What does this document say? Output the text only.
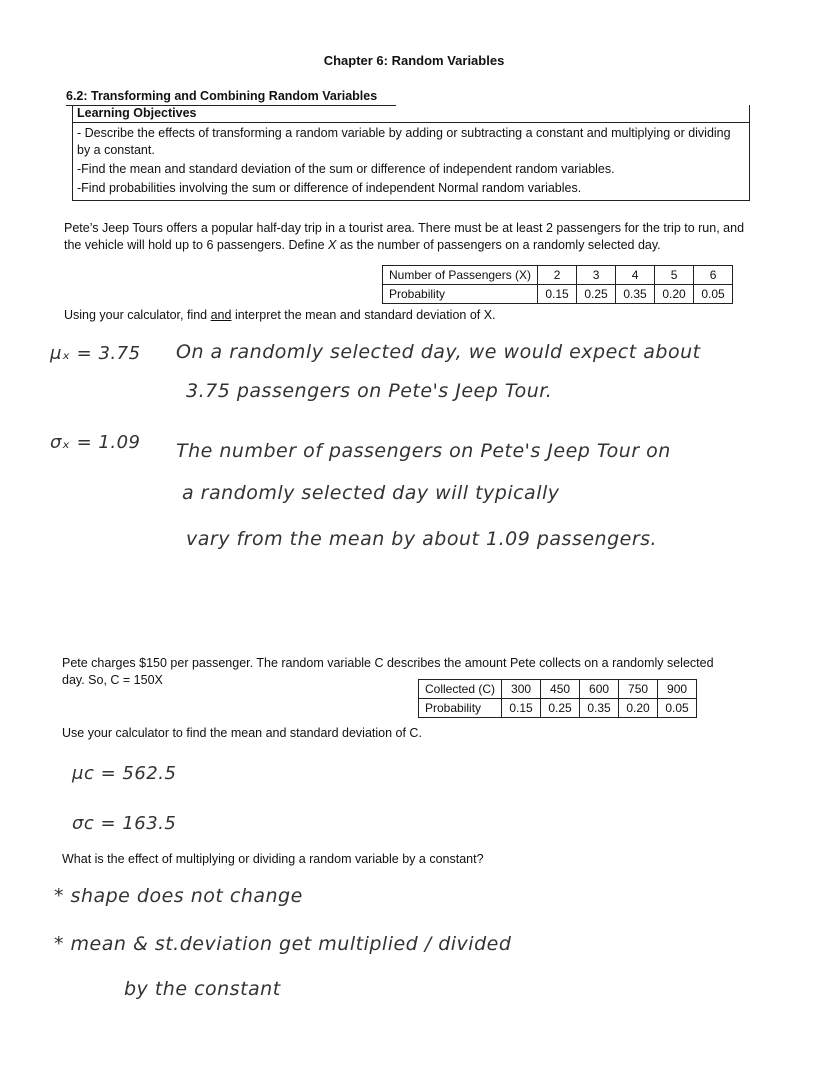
Chapter 6: Random Variables
6.2: Transforming and Combining Random Variables
Learning Objectives
- Describe the effects of transforming a random variable by adding or subtracting a constant and multiplying or dividing by a constant.
-Find the mean and standard deviation of the sum or difference of independent random variables.
-Find probabilities involving the sum or difference of independent Normal random variables.
Pete’s Jeep Tours offers a popular half-day trip in a tourist area. There must be at least 2 passengers for the trip to run, and the vehicle will hold up to 6 passengers. Define X as the number of passengers on a randomly selected day.
Number of Passengers (X)	2	3	4	5	6
Probability	0.15	0.25	0.35	0.20	0.05
Using your calculator, find and interpret the mean and standard deviation of X.
μₓ = 3.75 On a randomly selected day, we would expect about
3.75 passengers on Pete's Jeep Tour.
σₓ = 1.09 The number of passengers on Pete's Jeep Tour on
a randomly selected day will typically
vary from the mean by about 1.09 passengers.
Pete charges $150 per passenger. The random variable C describes the amount Pete collects on a randomly selected day. So, C = 150X
Collected (C)	300	450	600	750	900
Probability	0.15	0.25	0.35	0.20	0.05
Use your calculator to find the mean and standard deviation of C.
μc = 562.5
σc = 163.5
What is the effect of multiplying or dividing a random variable by a constant?
* shape does not change
* mean & st.deviation get multiplied / divided
by the constant
